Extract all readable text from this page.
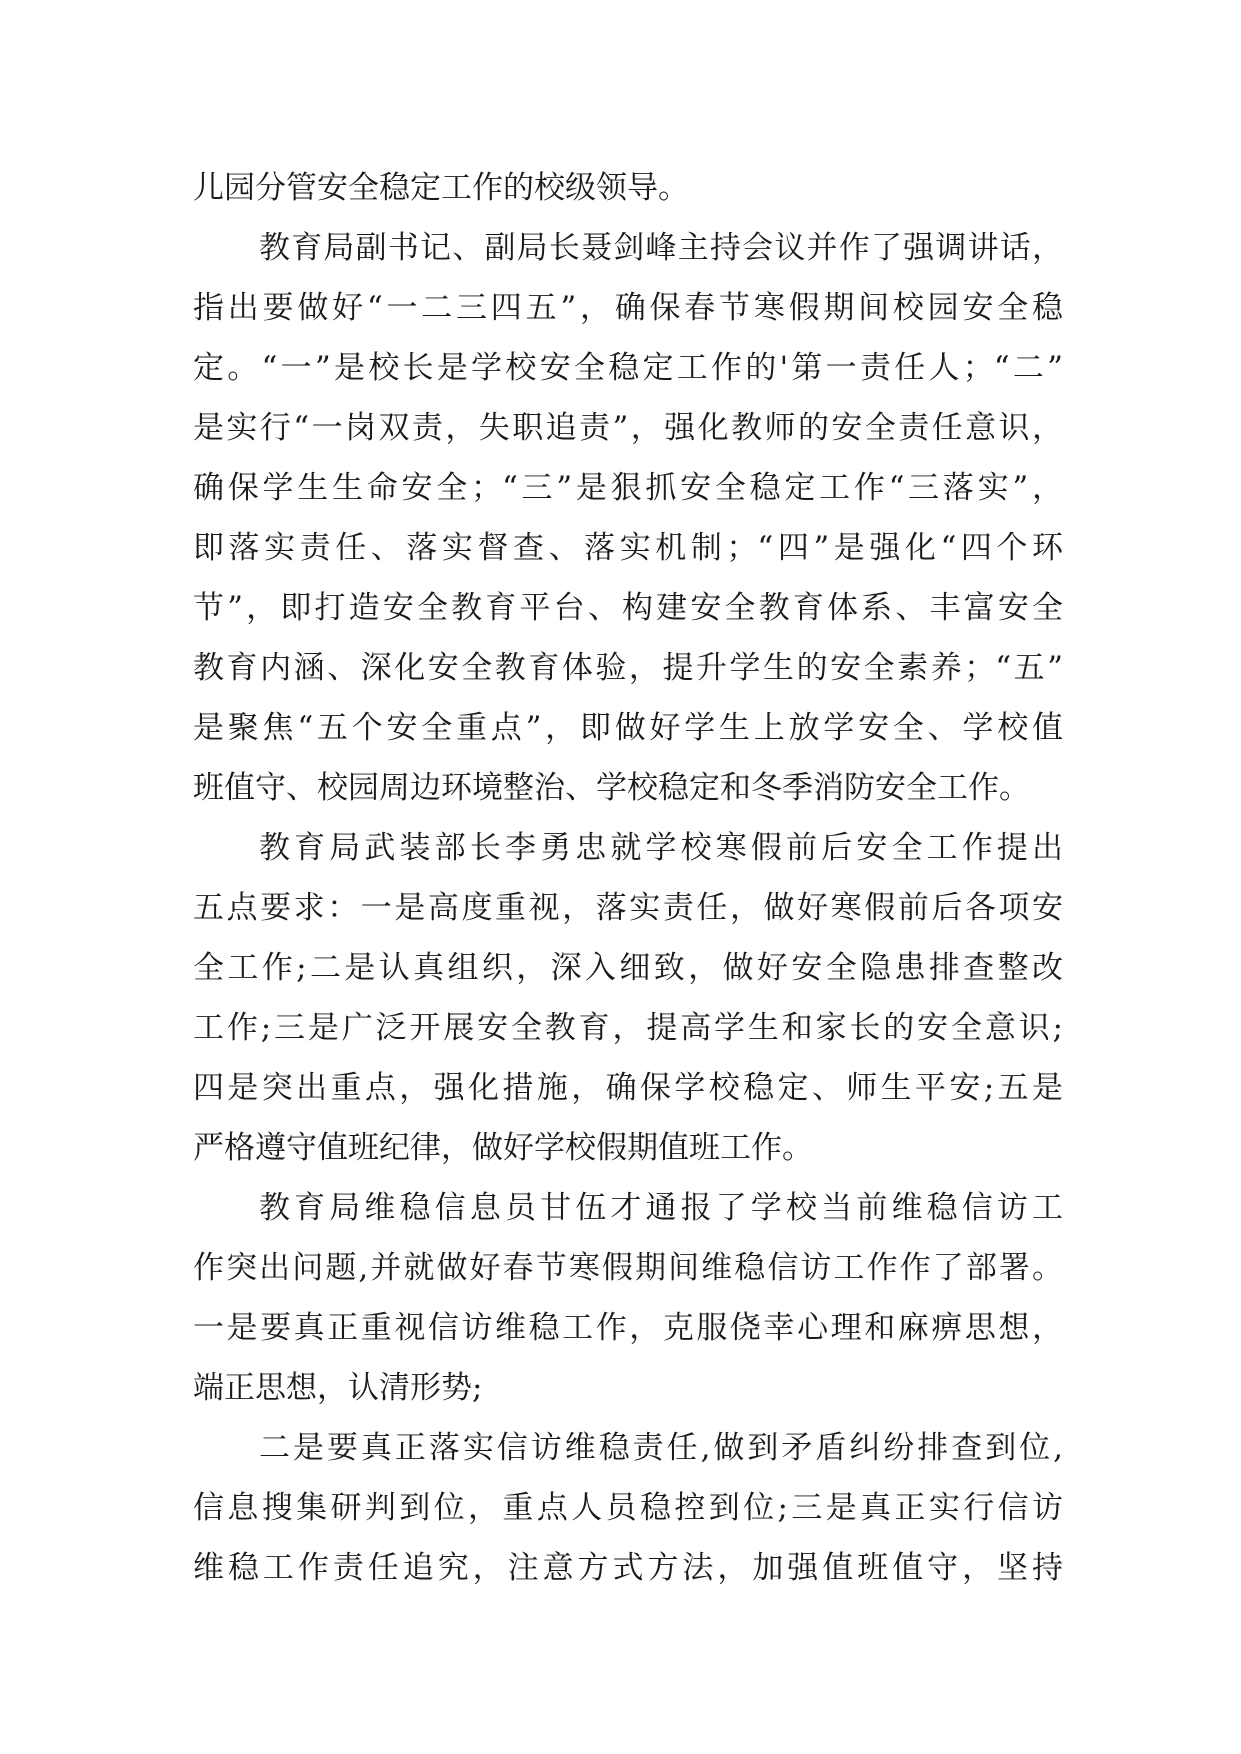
儿园分管安全稳定工作的校级领导。
教育局副书记、副局长聂剑峰主持会议并作了强调讲话，
指出要做好“一二三四五”，确保春节寒假期间校园安全稳
定。“一”是校长是学校安全稳定工作的'第一责任人；“二”
是实行“一岗双责，失职追责”，强化教师的安全责任意识，
确保学生生命安全；“三”是狠抓安全稳定工作“三落实”，
即落实责任、落实督查、落实机制；“四”是强化“四个环
节”，即打造安全教育平台、构建安全教育体系、丰富安全
教育内涵、深化安全教育体验，提升学生的安全素养；“五”
是聚焦“五个安全重点”，即做好学生上放学安全、学校值
班值守、校园周边环境整治、学校稳定和冬季消防安全工作。
教育局武装部长李勇忠就学校寒假前后安全工作提出
五点要求：一是高度重视，落实责任，做好寒假前后各项安
全工作;二是认真组织，深入细致，做好安全隐患排查整改
工作;三是广泛开展安全教育，提高学生和家长的安全意识;
四是突出重点，强化措施，确保学校稳定、师生平安;五是
严格遵守值班纪律，做好学校假期值班工作。
教育局维稳信息员甘伍才通报了学校当前维稳信访工
作突出问题,并就做好春节寒假期间维稳信访工作作了部署。
一是要真正重视信访维稳工作，克服侥幸心理和麻痹思想，
端正思想，认清形势;
二是要真正落实信访维稳责任,做到矛盾纠纷排查到位,
信息搜集研判到位，重点人员稳控到位;三是真正实行信访
维稳工作责任追究，注意方式方法，加强值班值守，坚持
